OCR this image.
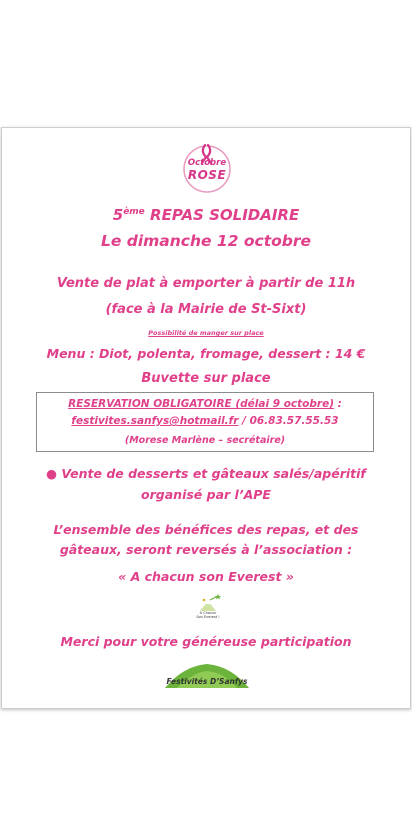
Octobre
ROSE
5ème REPAS SOLIDAIRE
Le dimanche 12 octobre
Vente de plat à emporter à partir de 11h
(face à la Mairie de St-Sixt)
Possibilité de manger sur place
Menu : Diot, polenta, fromage, dessert : 14 €
Buvette sur place
RESERVATION OBLIGATOIRE (délai 9 octobre) :
festivites.sanfys@hotmail.fr / 06.83.57.55.53
(Morese Marlène – secrétaire)
● Vente de desserts et gâteaux salés/apéritif
organisé par l’APE
L’ensemble des bénéfices des repas, et des
gâteaux, seront reversés à l’association :
« A chacun son Everest »
A Chacun
Son Everest !
Merci pour votre généreuse participation
Festivités D’Sanfys
